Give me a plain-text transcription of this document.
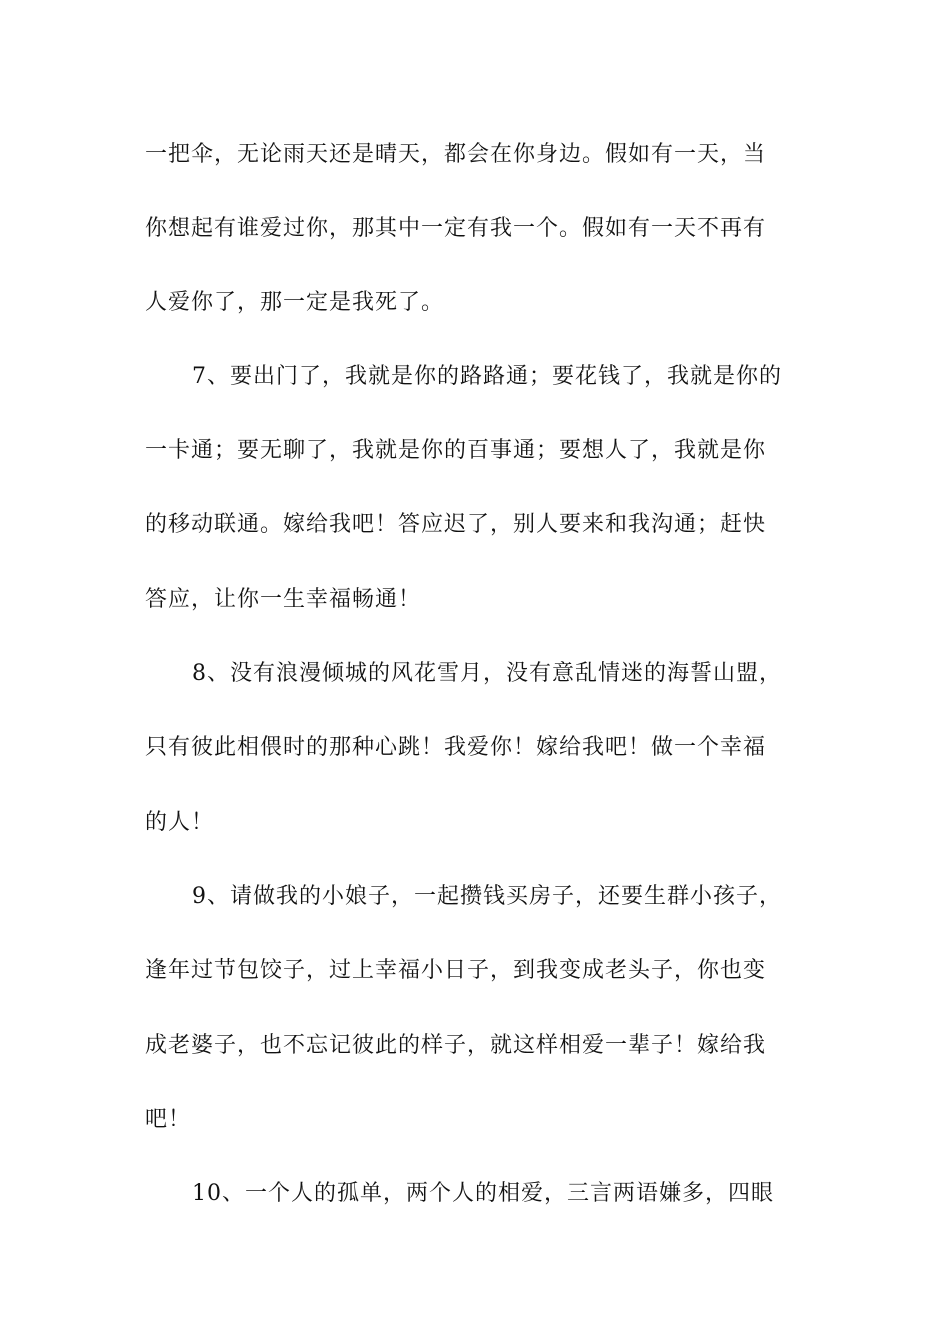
一把伞，无论雨天还是晴天，都会在你身边。假如有一天，当
你想起有谁爱过你，那其中一定有我一个。假如有一天不再有
人爱你了，那一定是我死了。
7、要出门了，我就是你的路路通；要花钱了，我就是你的
一卡通；要无聊了，我就是你的百事通；要想人了，我就是你
的移动联通。嫁给我吧！答应迟了，别人要来和我沟通；赶快
答应，让你一生幸福畅通！
8、没有浪漫倾城的风花雪月，没有意乱情迷的海誓山盟，
只有彼此相偎时的那种心跳！我爱你！嫁给我吧！做一个幸福
的人！
9、请做我的小娘子，一起攒钱买房子，还要生群小孩子，
逢年过节包饺子，过上幸福小日子，到我变成老头子，你也变
成老婆子，也不忘记彼此的样子，就这样相爱一辈子！嫁给我
吧！
10、一个人的孤单，两个人的相爱，三言两语嫌多，四眼
